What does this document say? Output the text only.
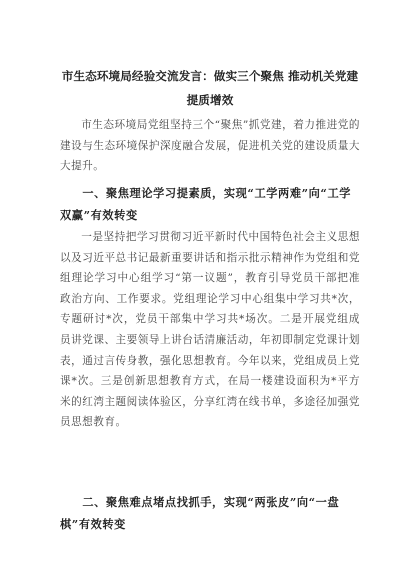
市生态环境局经验交流发言：做实三个聚焦 推动机关党建提质增效
市生态环境局党组坚持三个“聚焦”抓党建，着力推进党的建设与生态环境保护深度融合发展，促进机关党的建设质量大大提升。
一、聚焦理论学习提素质，实现“工学两难”向“工学双赢”有效转变
一是坚持把学习贯彻习近平新时代中国特色社会主义思想以及习近平总书记最新重要讲话和指示批示精神作为党组和党组理论学习中心组学习“第一议题”，教育引导党员干部把准政治方向、工作要求。党组理论学习中心组集中学习共*次，专题研讨*次，党员干部集中学习共*场次。二是开展党组成员讲党课、主要领导上讲台话清廉活动，年初即制定党课计划表，通过言传身教，强化思想教育。今年以来，党组成员上党课*次。三是创新思想教育方式，在局一楼建设面积为*平方米的红湾主题阅读体验区，分享红湾在线书单，多途径加强党员思想教育。
二、聚焦难点堵点找抓手，实现“两张皮”向“一盘棋”有效转变
